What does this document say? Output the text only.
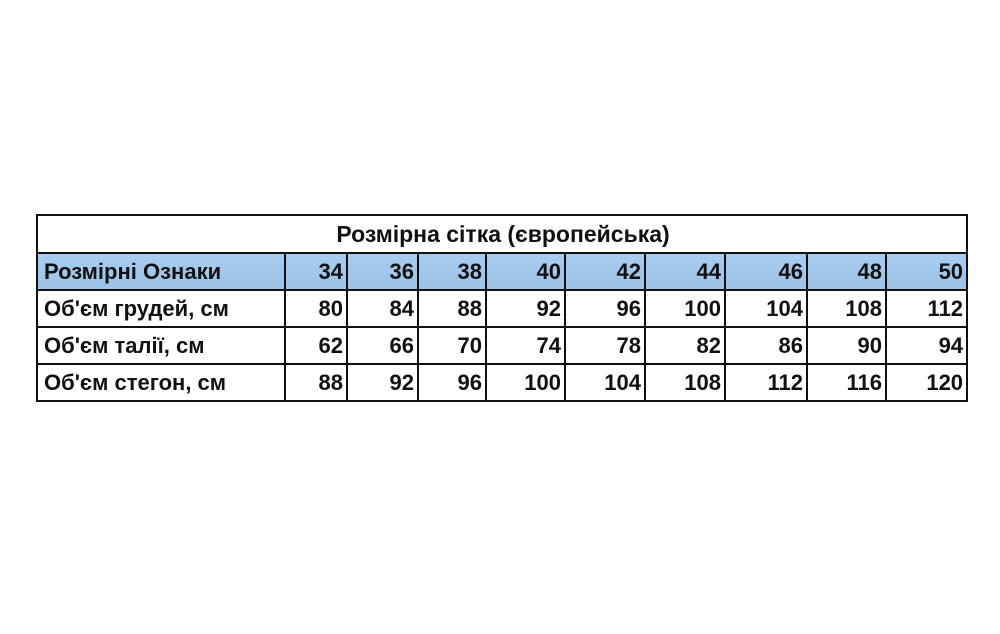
Розмірна сітка (європейська)									
Розмірні Ознаки	34	36	38	40	42	44	46	48	50
Об'єм грудей, см	80	84	88	92	96	100	104	108	112
Об'єм талії, см	62	66	70	74	78	82	86	90	94
Об'єм стегон, см	88	92	96	100	104	108	112	116	120
